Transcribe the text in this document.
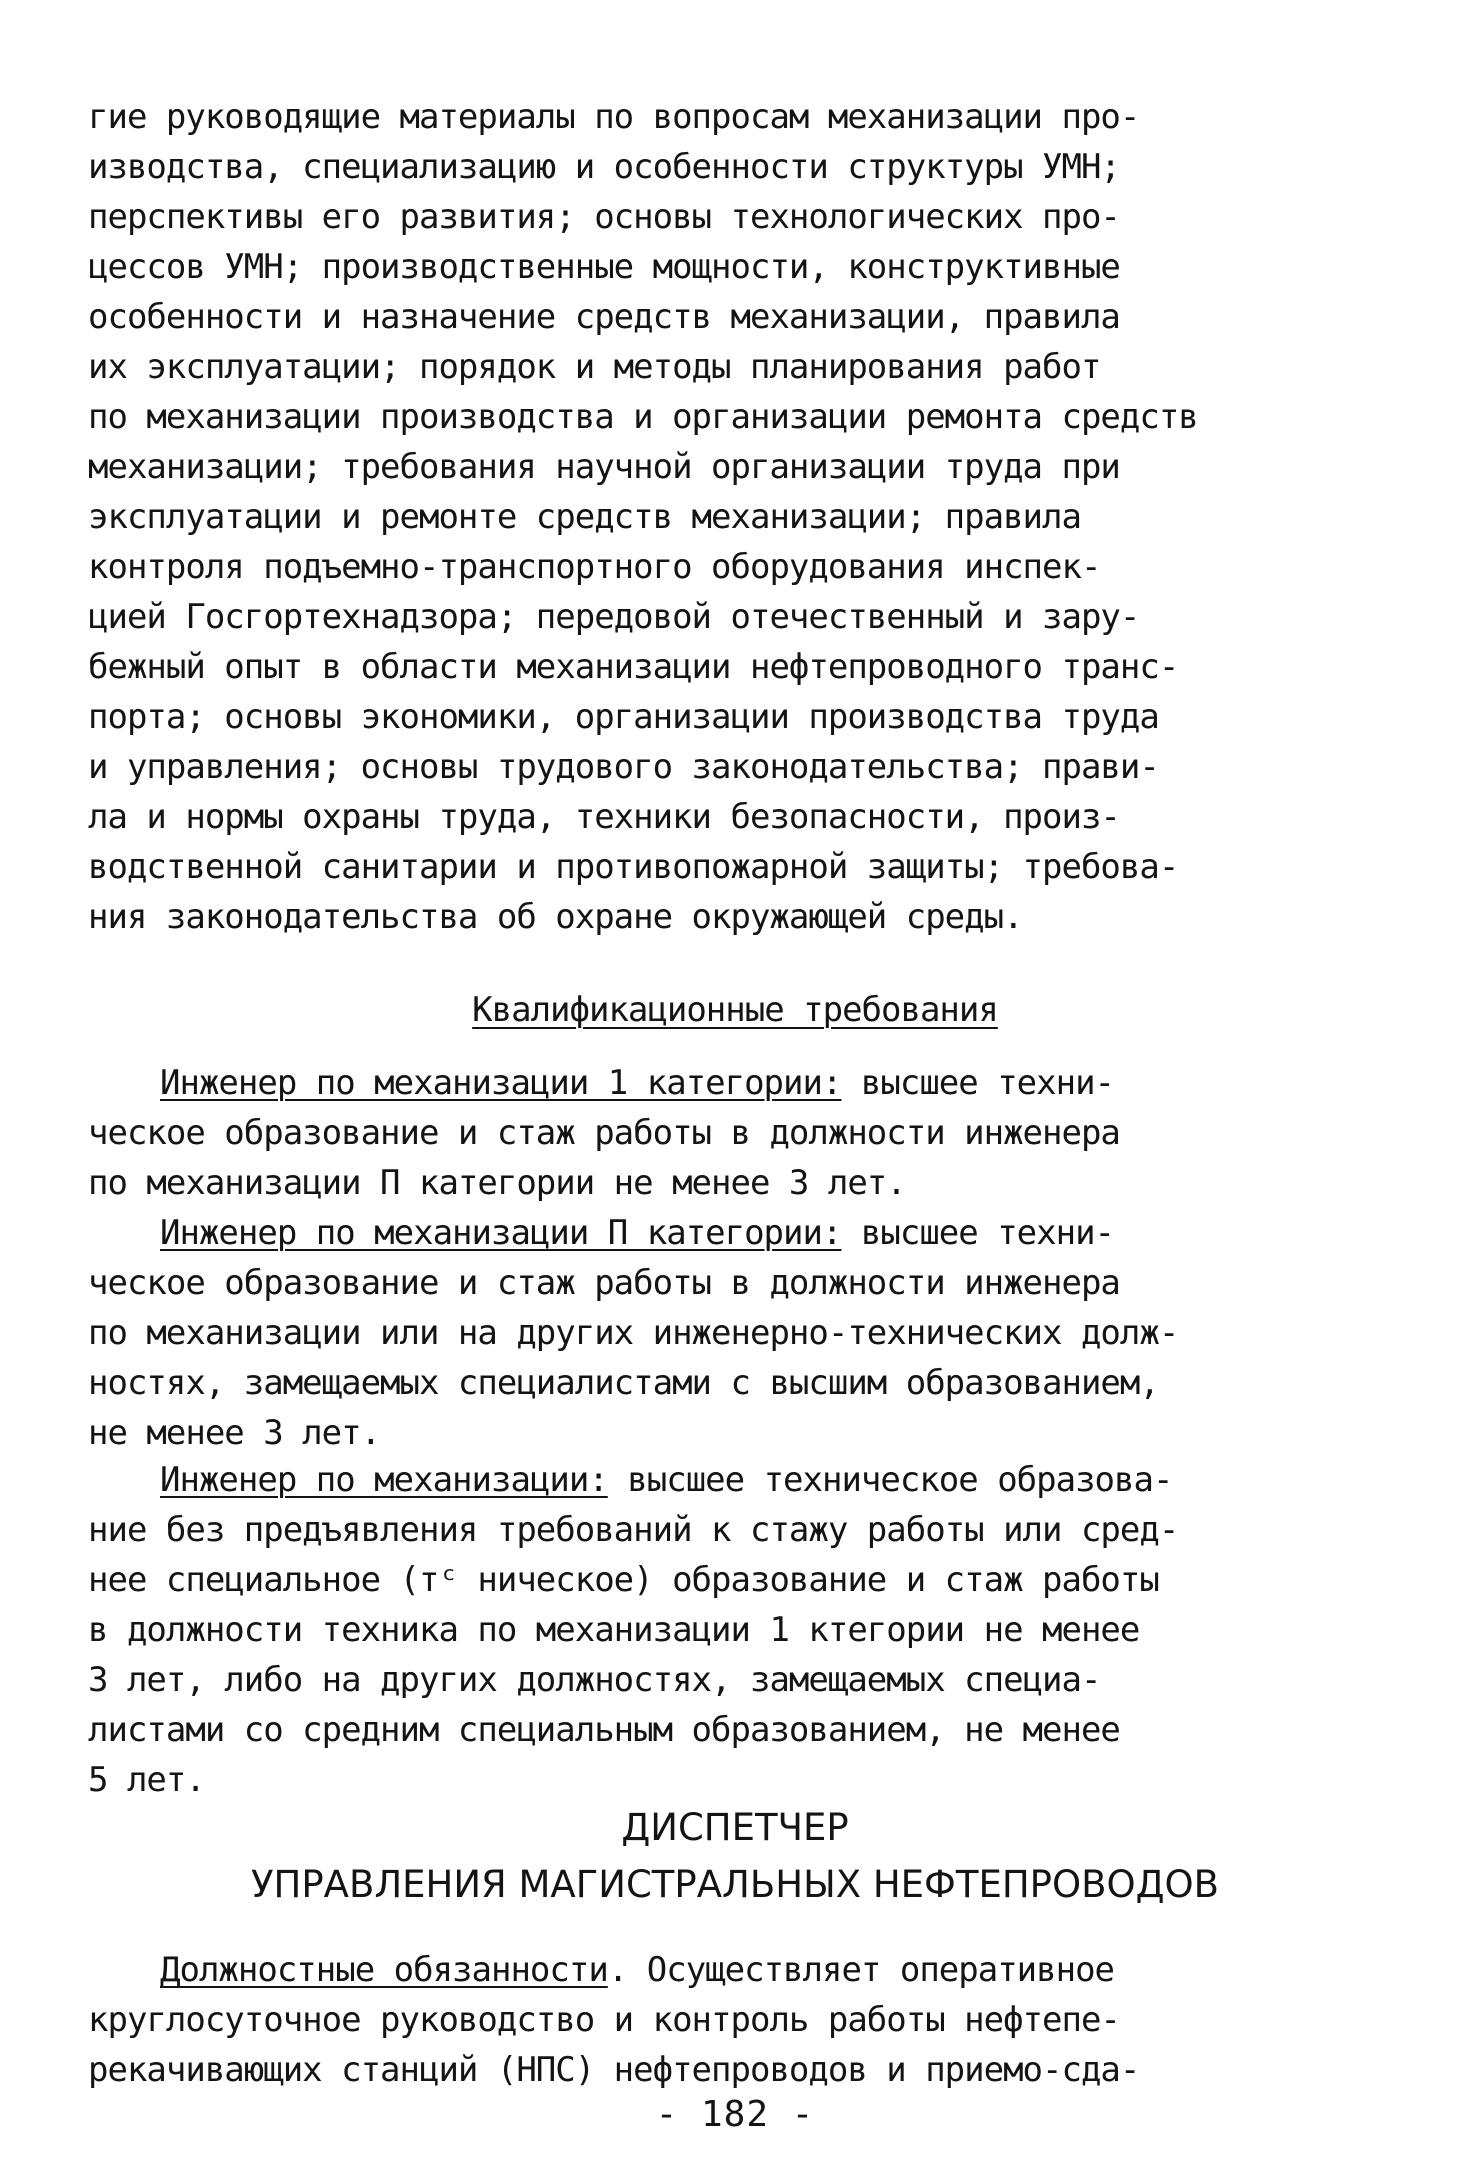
гие руководящие материалы по вопросам механизации про-
изводства, специализацию и особенности структуры УМН;
перспективы его развития; основы технологических про-
цессов УМН; производственные мощности, конструктивные
особенности и назначение средств механизации, правила
их эксплуатации; порядок и методы планирования работ
по механизации производства и организации ремонта средств
механизации; требования научной организации труда при
эксплуатации и ремонте средств механизации; правила
контроля подъемно-транспортного оборудования инспек-
цией Госгортехнадзора; передовой отечественный и зару-
бежный опыт в области механизации нефтепроводного транс-
порта; основы экономики, организации производства труда
и управления; основы трудового законодательства; прави-
ла и нормы охраны труда, техники безопасности, произ-
водственной санитарии и противопожарной защиты; требова-
ния законодательства об охране окружающей среды.
Квалификационные требования
Инженер по механизации 1 категории: высшее техни-
ческое образование и стаж работы в должности инженера
по механизации П категории не менее 3 лет.
Инженер по механизации П категории: высшее техни-
ческое образование и стаж работы в должности инженера
по механизации или на других инженерно-технических долж-
ностях, замещаемых специалистами с высшим образованием,
не менее 3 лет.
Инженер по механизации: высшее техническое образова-
ние без предъявления требований к стажу работы или сред-
нее специальное (тᶜ ническое) образование и стаж работы
в должности техника по механизации 1 ктегории не менее
3 лет, либо на других должностях, замещаемых специа-
листами со средним специальным образованием, не менее
5 лет.
ДИСПЕТЧЕР
УПРАВЛЕНИЯ МАГИСТРАЛЬНЫХ НЕФТЕПРОВОДОВ
Должностные обязанности. Осуществляет оперативное
круглосуточное руководство и контроль работы нефтепе-
рекачивающих станций (НПС) нефтепроводов и приемо-сда-
- 182 -
